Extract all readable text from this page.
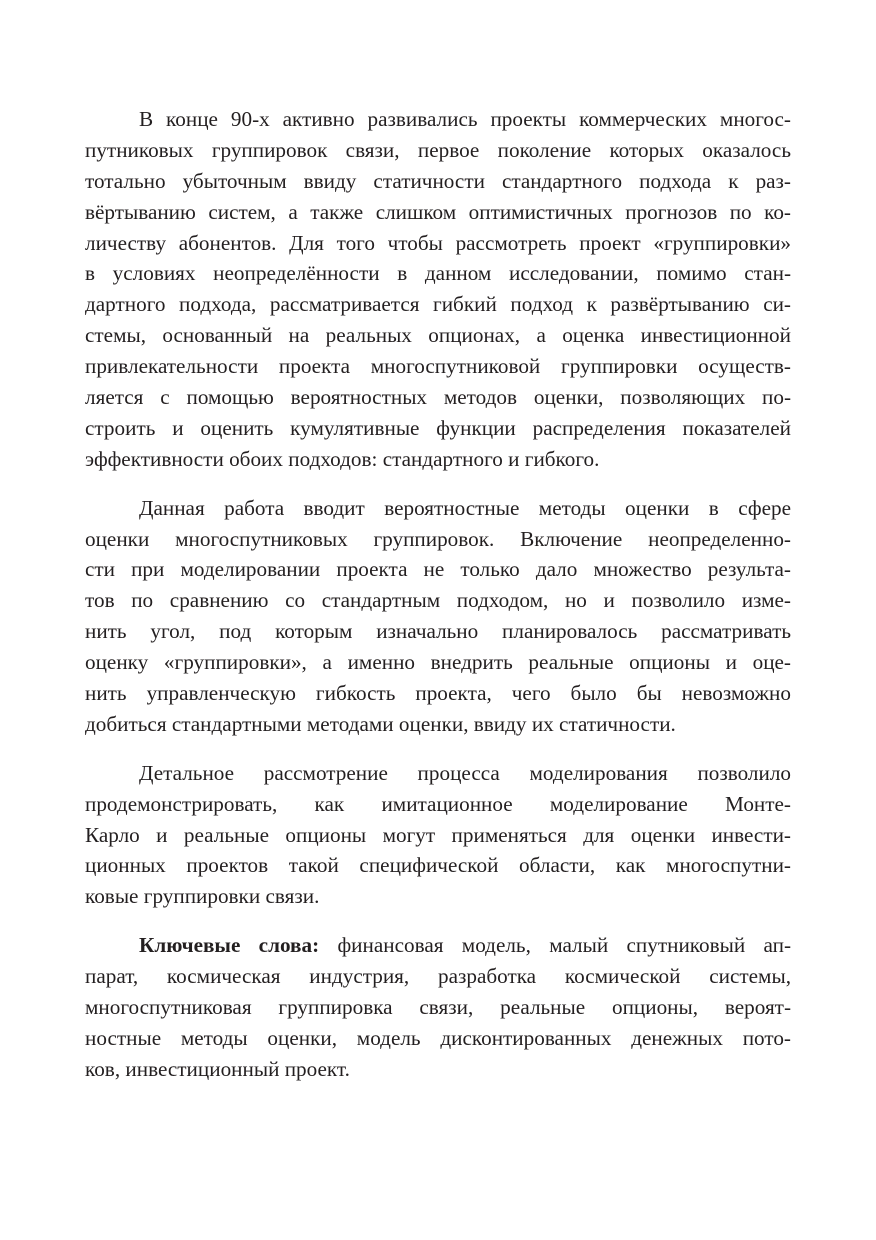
В конце 90-х активно развивались проекты коммерческих многос-
путниковых группировок связи, первое поколение которых оказалось
тотально убыточным ввиду статичности стандартного подхода к раз-
вёртыванию систем, а также слишком оптимистичных прогнозов по ко-
личеству абонентов. Для того чтобы рассмотреть проект «группировки»
в условиях неопределённости в данном исследовании, помимо стан-
дартного подхода, рассматривается гибкий подход к развёртыванию си-
стемы, основанный на реальных опционах, а оценка инвестиционной
привлекательности проекта многоспутниковой группировки осуществ-
ляется с помощью вероятностных методов оценки, позволяющих по-
строить и оценить кумулятивные функции распределения показателей
эффективности обоих подходов: стандартного и гибкого.

Данная работа вводит вероятностные методы оценки в сфере
оценки многоспутниковых группировок. Включение неопределенно-
сти при моделировании проекта не только дало множество результа-
тов по сравнению со стандартным подходом, но и позволило изме-
нить угол, под которым изначально планировалось рассматривать
оценку «группировки», а именно внедрить реальные опционы и оце-
нить управленческую гибкость проекта, чего было бы невозможно
добиться стандартными методами оценки, ввиду их статичности.

Детальное рассмотрение процесса моделирования позволило
продемонстрировать, как имитационное моделирование Монте-
Карло и реальные опционы могут применяться для оценки инвести-
ционных проектов такой специфической области, как многоспутни-
ковые группировки связи.

Ключевые слова: финансовая модель, малый спутниковый ап-
парат, космическая индустрия, разработка космической системы,
многоспутниковая группировка связи, реальные опционы, вероят-
ностные методы оценки, модель дисконтированных денежных пото-
ков, инвестиционный проект.
